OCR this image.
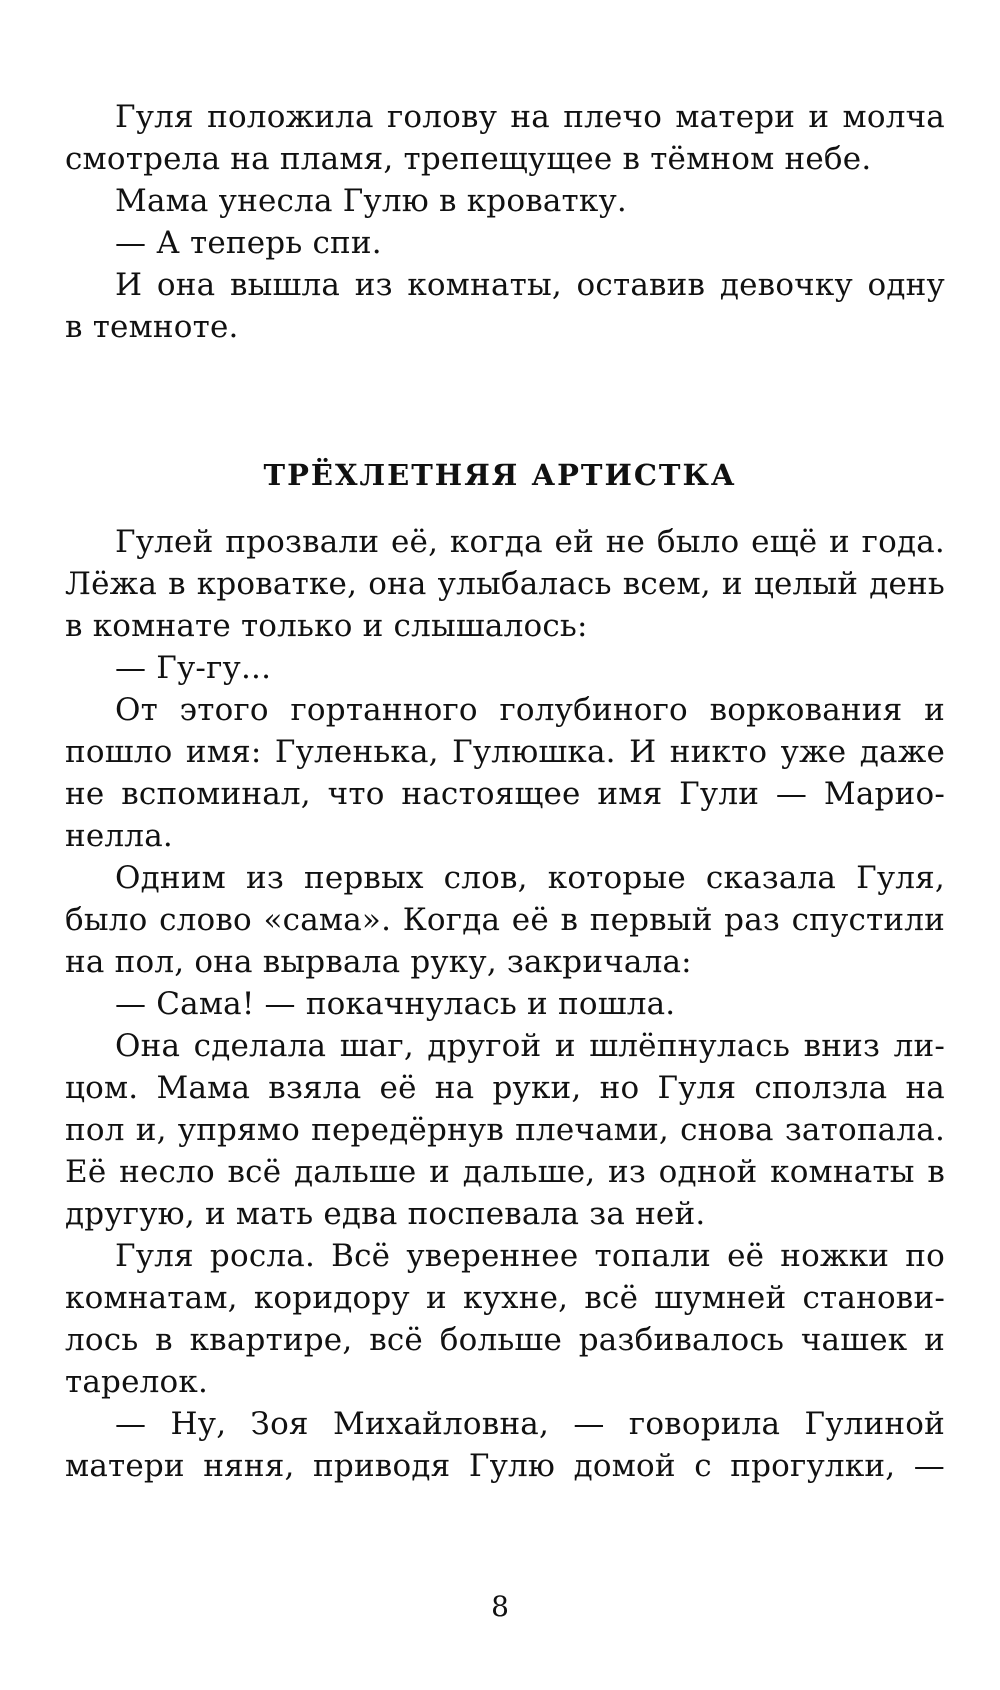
Гуля положила голову на плечо матери и молча
смотрела на пламя, трепещущее в тёмном небе.
Мама унесла Гулю в кроватку.
— А теперь спи.
И она вышла из комнаты, оставив девочку одну
в темноте.
ТРЁХЛЕТНЯЯ АРТИСТКА
Гулей прозвали её, когда ей не было ещё и года.
Лёжа в кроватке, она улыбалась всем, и целый день
в комнате только и слышалось:
— Гу-гу...
От этого гортанного голубиного воркования и
пошло имя: Гуленька, Гулюшка. И никто уже даже
не вспоминал, что настоящее имя Гули — Марио-
нелла.
Одним из первых слов, которые сказала Гуля,
было слово «сама». Когда её в первый раз спустили
на пол, она вырвала руку, закричала:
— Сама! — покачнулась и пошла.
Она сделала шаг, другой и шлёпнулась вниз ли-
цом. Мама взяла её на руки, но Гуля сползла на
пол и, упрямо передёрнув плечами, снова затопала.
Её несло всё дальше и дальше, из одной комнаты в
другую, и мать едва поспевала за ней.
Гуля росла. Всё увереннее топали её ножки по
комнатам, коридору и кухне, всё шумней станови-
лось в квартире, всё больше разбивалось чашек и
тарелок.
— Ну, Зоя Михайловна, — говорила Гулиной
матери няня, приводя Гулю домой с прогулки, —
8
